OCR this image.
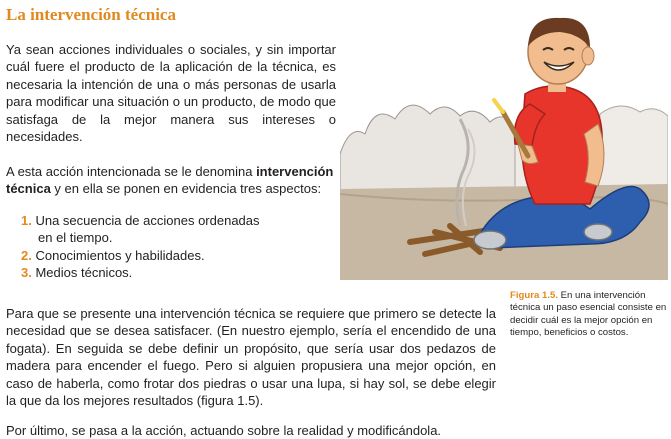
La intervención técnica

Ya sean acciones individuales o sociales, y sin importar cuál fuere el producto de la aplicación de la técnica, es necesaria la intención de una o más personas de usarla para modificar una situación o un producto, de modo que satisfaga de la mejor manera sus intereses o necesidades.

A esta acción intencionada se le denomina intervención técnica y en ella se ponen en evidencia tres aspectos:

1. Una secuencia de acciones ordenadas
en el tiempo.
2. Conocimientos y habilidades.
3. Medios técnicos.

Para que se presente una intervención técnica se requiere que primero se detecte la necesidad que se desea satisfacer. (En nuestro ejemplo, sería el encendido de una fogata). En seguida se debe definir un propósito, que sería usar dos pedazos de madera para encender el fuego. Pero si alguien propusiera una mejor opción, en caso de haberla, como frotar dos piedras o usar una lupa, si hay sol, se debe elegir la que da los mejores resultados (figura 1.5).

Por último, se pasa a la acción, actuando sobre la realidad y modificándola.

Figura 1.5. En una intervención técnica un paso esencial consiste en decidir cuál es la mejor opción en tiempo, beneficios o costos.
